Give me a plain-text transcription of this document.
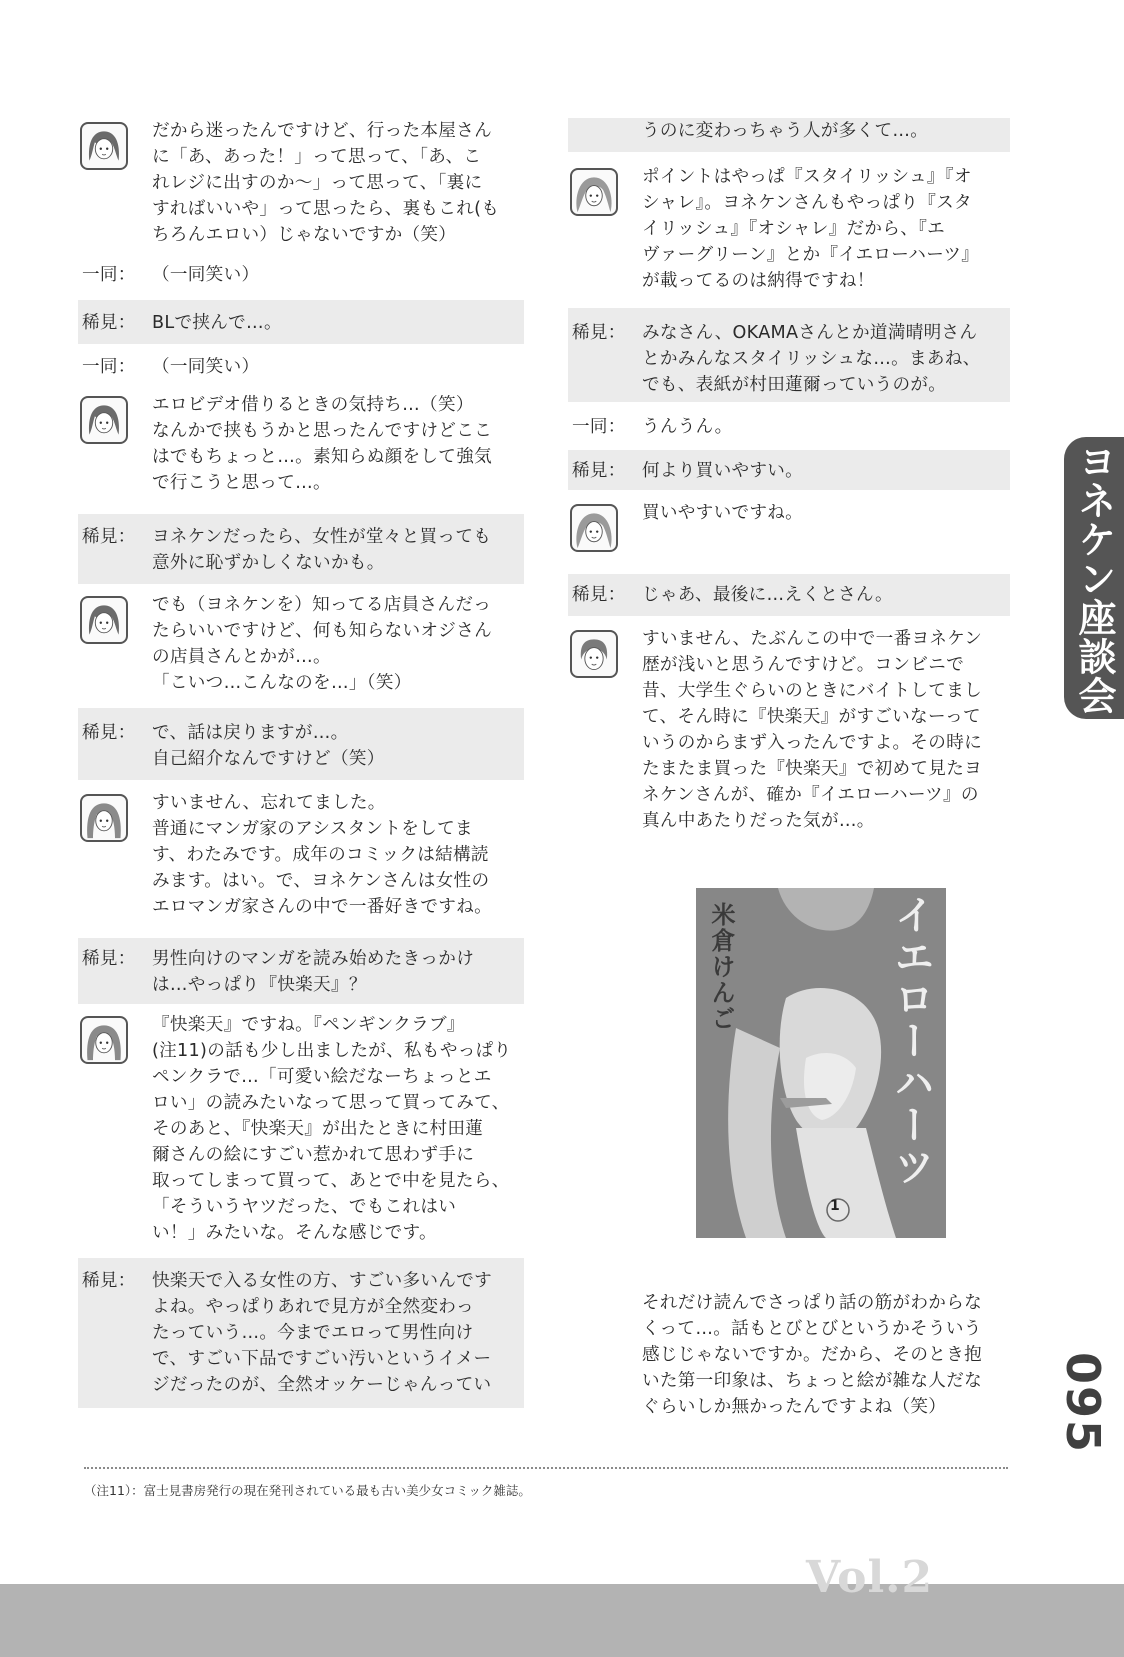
だから迷ったんですけど、行った本屋さん
に「あ、あった！」って思って、「あ、こ
れレジに出すのか〜」って思って、「裏に
すればいいや」って思ったら、裏もこれ(も
ちろんエロい）じゃないですか（笑）
一同： （一同笑い）
稀見： BLで挟んで…。
一同： （一同笑い）
エロビデオ借りるときの気持ち…（笑）
なんかで挟もうかと思ったんですけどここ
はでもちょっと…。素知らぬ顔をして強気
で行こうと思って…。
稀見： ヨネケンだったら、女性が堂々と買っても
意外に恥ずかしくないかも。
でも（ヨネケンを）知ってる店員さんだっ
たらいいですけど、何も知らないオジさん
の店員さんとかが…。
「こいつ…こんなのを…」（笑）
稀見： で、話は戻りますが…。
自己紹介なんですけど（笑）
すいません、忘れてました。
普通にマンガ家のアシスタントをしてま
す、わたみです。成年のコミックは結構読
みます。はい。で、ヨネケンさんは女性の
エロマンガ家さんの中で一番好きですね。
稀見： 男性向けのマンガを読み始めたきっかけ
は…やっぱり『快楽天』？
『快楽天』ですね。『ペンギンクラブ』
(注11)の話も少し出ましたが、私もやっぱり
ペンクラで…「可愛い絵だなーちょっとエ
ロい」の読みたいなって思って買ってみて、
そのあと、『快楽天』が出たときに村田蓮
爾さんの絵にすごい惹かれて思わず手に
取ってしまって買って、あとで中を見たら、
「そういうヤツだった、でもこれはい
い！」みたいな。そんな感じです。
稀見： 快楽天で入る女性の方、すごい多いんです
よね。やっぱりあれで見方が全然変わっ
たっていう…。今までエロって男性向け
で、すごい下品ですごい汚いというイメー
ジだったのが、全然オッケーじゃんってい
うのに変わっちゃう人が多くて…。
ポイントはやっぱ『スタイリッシュ』『オ
シャレ』。ヨネケンさんもやっぱり『スタ
イリッシュ』『オシャレ』だから、『エ
ヴァーグリーン』とか『イエローハーツ』
が載ってるのは納得ですね！
稀見： みなさん、OKAMAさんとか道満晴明さん
とかみんなスタイリッシュな…。まあね、
でも、表紙が村田蓮爾っていうのが。
一同： うんうん。
稀見： 何より買いやすい。
買いやすいですね。
稀見： じゃあ、最後に…えくとさん。
すいません、たぶんこの中で一番ヨネケン
歴が浅いと思うんですけど。コンビニで
昔、大学生ぐらいのときにバイトしてまし
て、そん時に『快楽天』がすごいなーって
いうのからまず入ったんですよ。その時に
たまたま買った『快楽天』で初めて見たヨ
ネケンさんが、確か『イエローハーツ』の
真ん中あたりだった気が…。
イエローハーツ
米倉けんご
1
それだけ読んでさっぱり話の筋がわからな
くって…。話もとびとびというかそういう
感じじゃないですか。だから、そのとき抱
いた第一印象は、ちょっと絵が雑な人だな
ぐらいしか無かったんですよね（笑）
ヨネケン座談会
095
（注11）：富士見書房発行の現在発刊されている最も古い美少女コミック雑誌。
Vol.2
